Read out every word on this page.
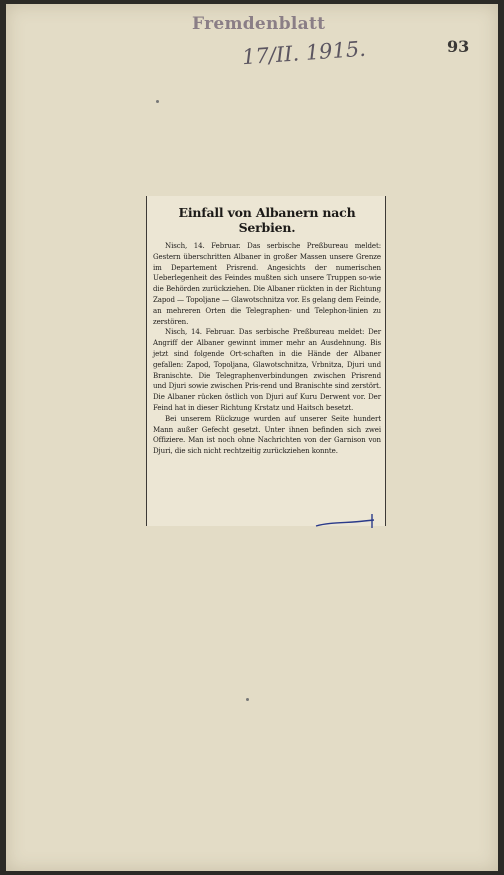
Fremdenblatt
17/II. 1915.	93
Einfall von Albanern nach Serbien.

Nisch, 14. Februar. Das serbische Preßbureau meldet: Gestern überschritten Albaner in großer Massen unsere Grenze im Departement Prisrend. Angesichts der numerischen Ueberlegenheit des Feindes mußten sich unsere Truppen so-wie die Behörden zurückziehen. Die Albaner rückten in der Richtung Zapod — Topoljane — Glawotschnitza vor. Es gelang dem Feinde, an mehreren Orten die Telegraphen- und Telephon-linien zu zerstören.

Nisch, 14. Februar. Das serbische Preßbureau meldet: Der Angriff der Albaner gewinnt immer mehr an Ausdehnung. Bis jetzt sind folgende Ort-schaften in die Hände der Albaner gefallen: Zapod, Topoljana, Glawotschnitza, Vrbnitza, Djuri und Branischte. Die Telegraphenverbindungen zwischen Prisrend und Djuri sowie zwischen Pris-rend und Branischte sind zerstört. Die Albaner rücken östlich von Djuri auf Kuru Derwent vor. Der Feind hat in dieser Richtung Krstatz und Haitsch besetzt.

Bei unserem Rückzuge wurden auf unserer Seite hundert Mann außer Gefecht gesetzt. Unter ihnen befinden sich zwei Offiziere. Man ist noch ohne Nachrichten von der Garnison von Djuri, die sich nicht rechtzeitig zurückziehen konnte.
